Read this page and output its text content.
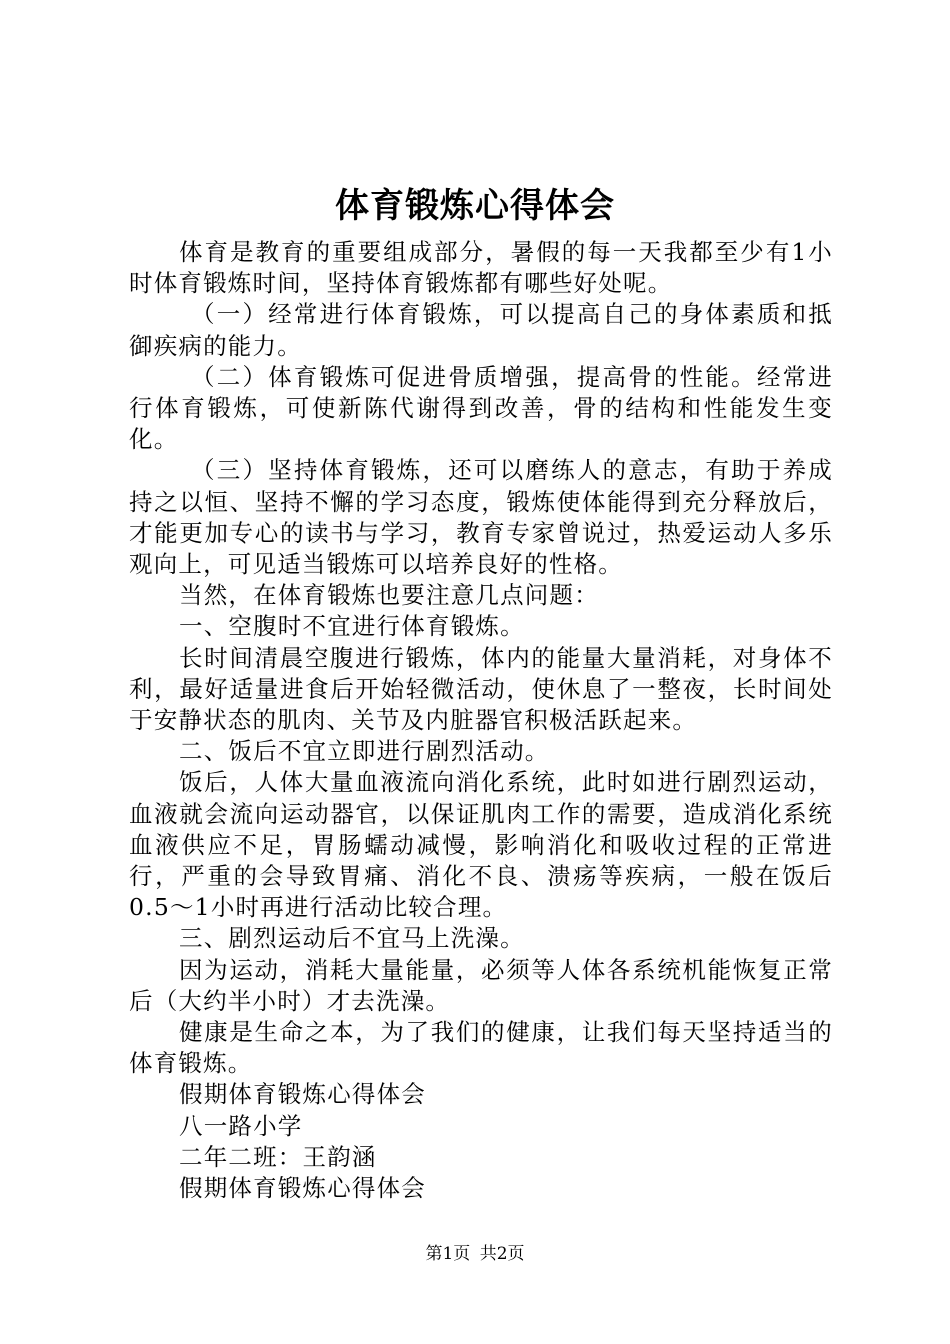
体育锻炼心得体会

体育是教育的重要组成部分，暑假的每一天我都至少有1小时体育锻炼时间，坚持体育锻炼都有哪些好处呢。

（一）经常进行体育锻炼，可以提高自己的身体素质和抵御疾病的能力。

（二）体育锻炼可促进骨质增强，提高骨的性能。经常进行体育锻炼，可使新陈代谢得到改善，骨的结构和性能发生变化。

（三）坚持体育锻炼，还可以磨练人的意志，有助于养成持之以恒、坚持不懈的学习态度，锻炼使体能得到充分释放后，才能更加专心的读书与学习，教育专家曾说过，热爱运动人多乐观向上，可见适当锻炼可以培养良好的性格。

当然，在体育锻炼也要注意几点问题：

一、空腹时不宜进行体育锻炼。

长时间清晨空腹进行锻炼，体内的能量大量消耗，对身体不利，最好适量进食后开始轻微活动，使休息了一整夜，长时间处于安静状态的肌肉、关节及内脏器官积极活跃起来。

二、饭后不宜立即进行剧烈活动。

饭后，人体大量血液流向消化系统，此时如进行剧烈运动，血液就会流向运动器官，以保证肌肉工作的需要，造成消化系统血液供应不足，胃肠蠕动减慢，影响消化和吸收过程的正常进行，严重的会导致胃痛、消化不良、溃疡等疾病，一般在饭后0.5～1小时再进行活动比较合理。

三、剧烈运动后不宜马上洗澡。

因为运动，消耗大量能量，必须等人体各系统机能恢复正常后（大约半小时）才去洗澡。

健康是生命之本，为了我们的健康，让我们每天坚持适当的体育锻炼。

假期体育锻炼心得体会

八一路小学

二年二班：王韵涵

假期体育锻炼心得体会

第1页 共2页
